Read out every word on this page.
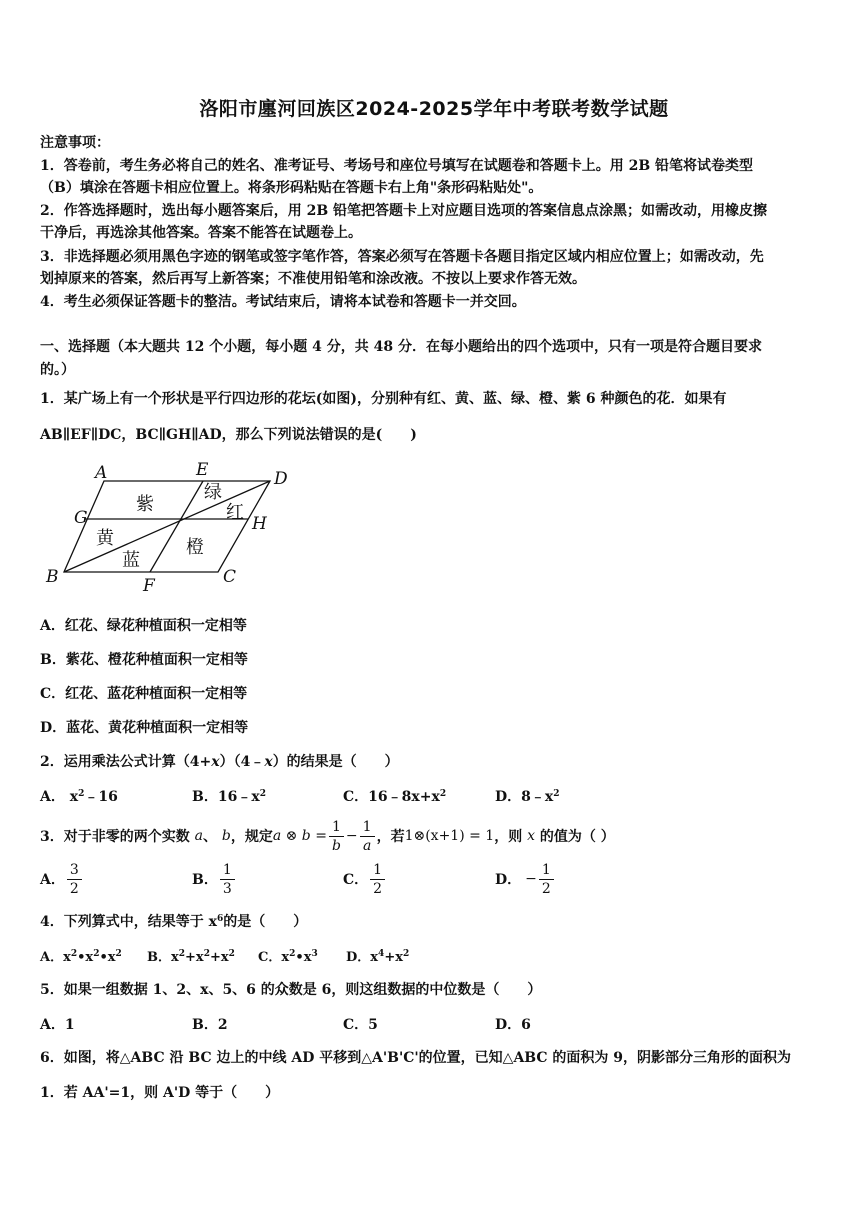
洛阳市廛河回族区2024-2025学年中考联考数学试题
注意事项：
1．答卷前，考生务必将自己的姓名、准考证号、考场号和座位号填写在试题卷和答题卡上。用 2B 铅笔将试卷类型
（B）填涂在答题卡相应位置上。将条形码粘贴在答题卡右上角"条形码粘贴处"。
2．作答选择题时，选出每小题答案后，用 2B 铅笔把答题卡上对应题目选项的答案信息点涂黑；如需改动，用橡皮擦
干净后，再选涂其他答案。答案不能答在试题卷上。
3．非选择题必须用黑色字迹的钢笔或签字笔作答，答案必须写在答题卡各题目指定区域内相应位置上；如需改动，先
划掉原来的答案，然后再写上新答案；不准使用铅笔和涂改液。不按以上要求作答无效。
4．考生必须保证答题卡的整洁。考试结束后，请将本试卷和答题卡一并交回。
一、选择题（本大题共 12 个小题，每小题 4 分，共 48 分．在每小题给出的四个选项中，只有一项是符合题目要求
的。）
1．某广场上有一个形状是平行四边形的花坛(如图)，分别种有红、黄、蓝、绿、橙、紫 6 种颜色的花．如果有
AB∥EF∥DC，BC∥GH∥AD，那么下列说法错误的是(　　)
A	E	D
G	H
B	F	C
紫
绿
红
黄
蓝
橙
A．红花、绿花种植面积一定相等
B．紫花、橙花种植面积一定相等
C．红花、蓝花种植面积一定相等
D．蓝花、黄花种植面积一定相等
2．运用乘法公式计算（4+x）（4﹣x）的结果是（　　）
A． $x^2﹣16$	B．$16﹣x^2$	C．$16﹣8x+x^2$	D．$8﹣x^2$
3．对于非零的两个实数
a 、
b ，规定 a ⊗ $b = \frac{1}{b} - \frac{1}{a}$ ，若 1⊗(x+1) = 1 ，则
x
的值为（ ）
A． $\frac{3}{2}$	B． $\frac{1}{3}$	C． $\frac{1}{2}$	D． − $\frac{1}{2}$
4．下列算式中，结果等于 $x^6$的是（　　）
A．$x^2•x^2•x^2$ B．$x^2+x^2+x^2$ C．$x^2•x^3$ D．$x^4+x^2$
5．如果一组数据 1、2、x、5、6 的众数是 6，则这组数据的中位数是（　　）
A．1	B．2	C．5	D．6
6．如图，将△ABC 沿 BC 边上的中线 AD 平移到△A'B'C'的位置，已知△ABC 的面积为 9，阴影部分三角形的面积为
1．若 AA'=1，则 A'D 等于（　　）
